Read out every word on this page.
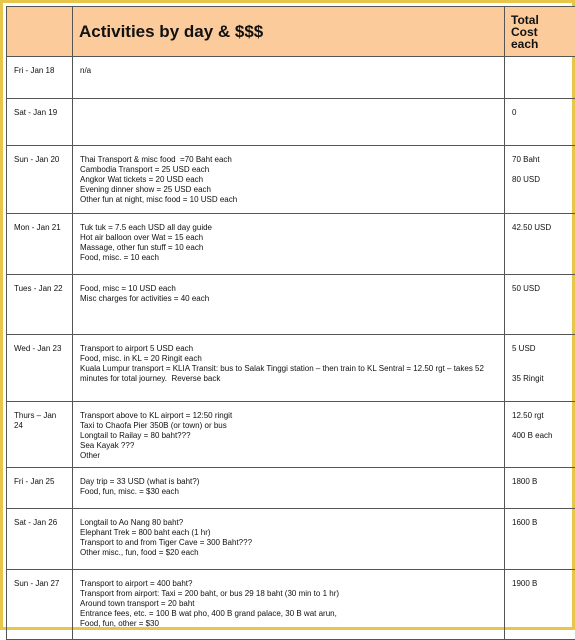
	Activities by day & $$$	Total
Cost
each

Fri - Jan 18	n/a	

Sat - Jan 19		0

Sun - Jan 20	Thai Transport & misc food  =70 Baht each
Cambodia Transport = 25 USD each
Angkor Wat tickets = 20 USD each
Evening dinner show = 25 USD each
Other fun at night, misc food = 10 USD each	70 Baht
80 USD

Mon - Jan 21	Tuk tuk = 7.5 each USD all day guide
Hot air balloon over Wat = 15 each
Massage, other fun stuff = 10 each
Food, misc. = 10 each	42.50 USD

Tues - Jan 22	Food, misc = 10 USD each
Misc charges for activities = 40 each	50 USD

Wed - Jan 23	Transport to airport 5 USD each
Food, misc. in KL = 20 Ringit each
Kuala Lumpur transport = KLIA Transit: bus to Salak Tinggi station – then train to KL Sentral = 12.50 rgt – takes 52
minutes for total journey.  Reverse back	5 USD
35 Ringit

Thurs – Jan 24	Transport above to KL airport = 12:50 ringit
Taxi to Chaofa Pier 350B (or town) or bus
Longtail to Railay = 80 baht???
Sea Kayak ???
Other	12.50 rgt
400 B each

Fri - Jan 25	Day trip = 33 USD (what is baht?)
Food, fun, misc. = $30 each	1800 B

Sat - Jan 26	Longtail to Ao Nang 80 baht?
Elephant Trek = 800 baht each (1 hr)
Transport to and from Tiger Cave = 300 Baht???
Other misc., fun, food = $20 each	1600 B

Sun - Jan 27	Transport to airport = 400 baht?
Transport from airport: Taxi = 200 baht, or bus 29 18 baht (30 min to 1 hr)
Around town transport = 20 baht
Entrance fees, etc. = 100 B wat pho, 400 B grand palace, 30 B wat arun,
Food, fun, other = $30	1900 B
